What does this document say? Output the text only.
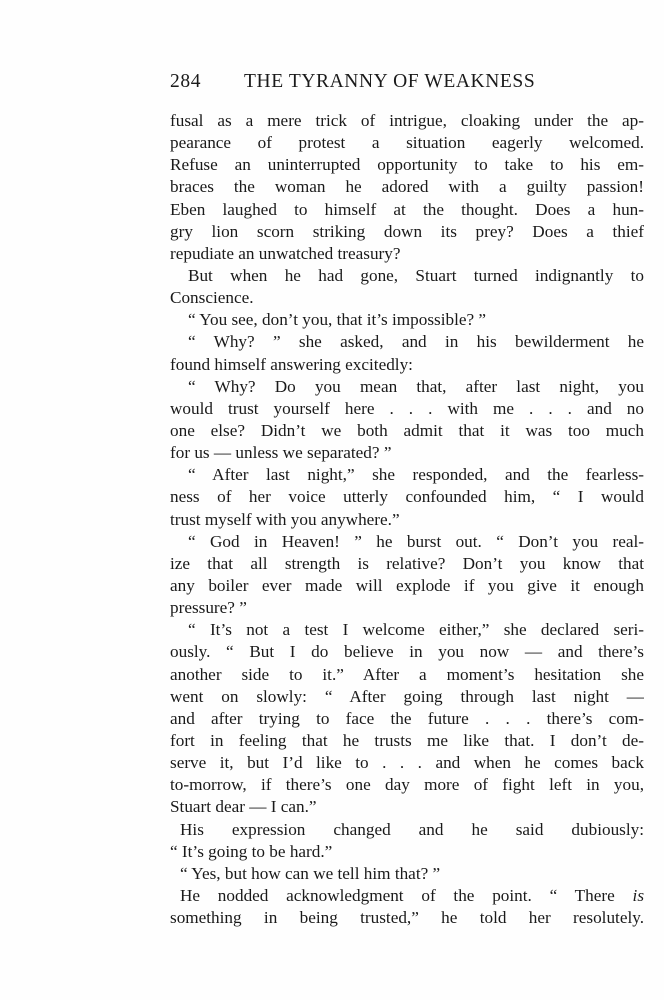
284 THE TYRANNY OF WEAKNESS
fusal as a mere trick of intrigue, cloaking under the ap-
pearance of protest a situation eagerly welcomed.
Refuse an uninterrupted opportunity to take to his em-
braces the woman he adored with a guilty passion!
Eben laughed to himself at the thought. Does a hun-
gry lion scorn striking down its prey? Does a thief
repudiate an unwatched treasury?
But when he had gone, Stuart turned indignantly to
Conscience.
“ You see, don’t you, that it’s impossible? ”
“ Why? ” she asked, and in his bewilderment he
found himself answering excitedly:
“ Why? Do you mean that, after last night, you
would trust yourself here . . . with me . . . and no
one else? Didn’t we both admit that it was too much
for us — unless we separated? ”
“ After last night,” she responded, and the fearless-
ness of her voice utterly confounded him, “ I would
trust myself with you anywhere.”
“ God in Heaven! ” he burst out. “ Don’t you real-
ize that all strength is relative? Don’t you know that
any boiler ever made will explode if you give it enough
pressure? ”
“ It’s not a test I welcome either,” she declared seri-
ously. “ But I do believe in you now — and there’s
another side to it.” After a moment’s hesitation she
went on slowly: “ After going through last night —
and after trying to face the future . . . there’s com-
fort in feeling that he trusts me like that. I don’t de-
serve it, but I’d like to . . . and when he comes back
to-morrow, if there’s one day more of fight left in you,
Stuart dear — I can.”
His expression changed and he said dubiously:
“ It’s going to be hard.”
“ Yes, but how can we tell him that? ”
He nodded acknowledgment of the point. “ There is
something in being trusted,” he told her resolutely.
